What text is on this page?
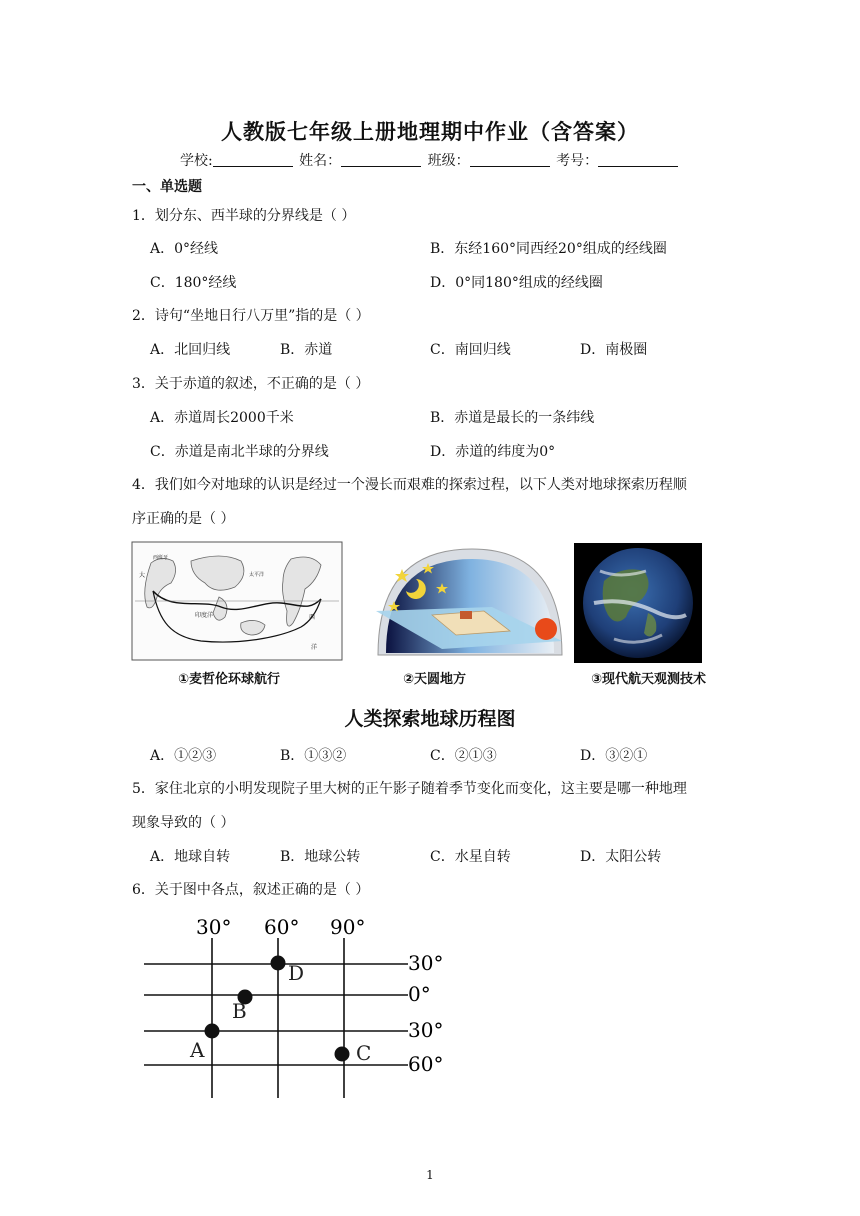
人教版七年级上册地理期中作业（含答案）
学校:	姓名：	班级：	考号：
一、单选题
1．划分东、西半球的分界线是（ ）
A．0°经线	B．东经160°同西经20°组成的经线圈
C．180°经线	D．0°同180°组成的经线圈
2．诗句“坐地日行八万里”指的是（ ）
A．北回归线	B．赤道	C．南回归线	D．南极圈
3．关于赤道的叙述，不正确的是（ ）
A．赤道周长2000千米	B．赤道是最长的一条纬线
C．赤道是南北半球的分界线	D．赤道的纬度为0°
4．我们如今对地球的认识是经过一个漫长而艰难的探索过程，以下人类对地球探索历程顺
序正确的是（ ）
太平洋
印度洋
大
西
洋
西班牙
①麦哲伦环球航行	②天圆地方	③现代航天观测技术
人类探索地球历程图
A．①②③	B．①③②	C．②①③	D．③②①
5．家住北京的小明发现院子里大树的正午影子随着季节变化而变化，这主要是哪一种地理
现象导致的（ ）
A．地球自转	B．地球公转	C．水星自转	D．太阳公转
6．关于图中各点，叙述正确的是（ ）
30° 60° 90°
30°
0°
30°
60°
A
B
C
D
1
